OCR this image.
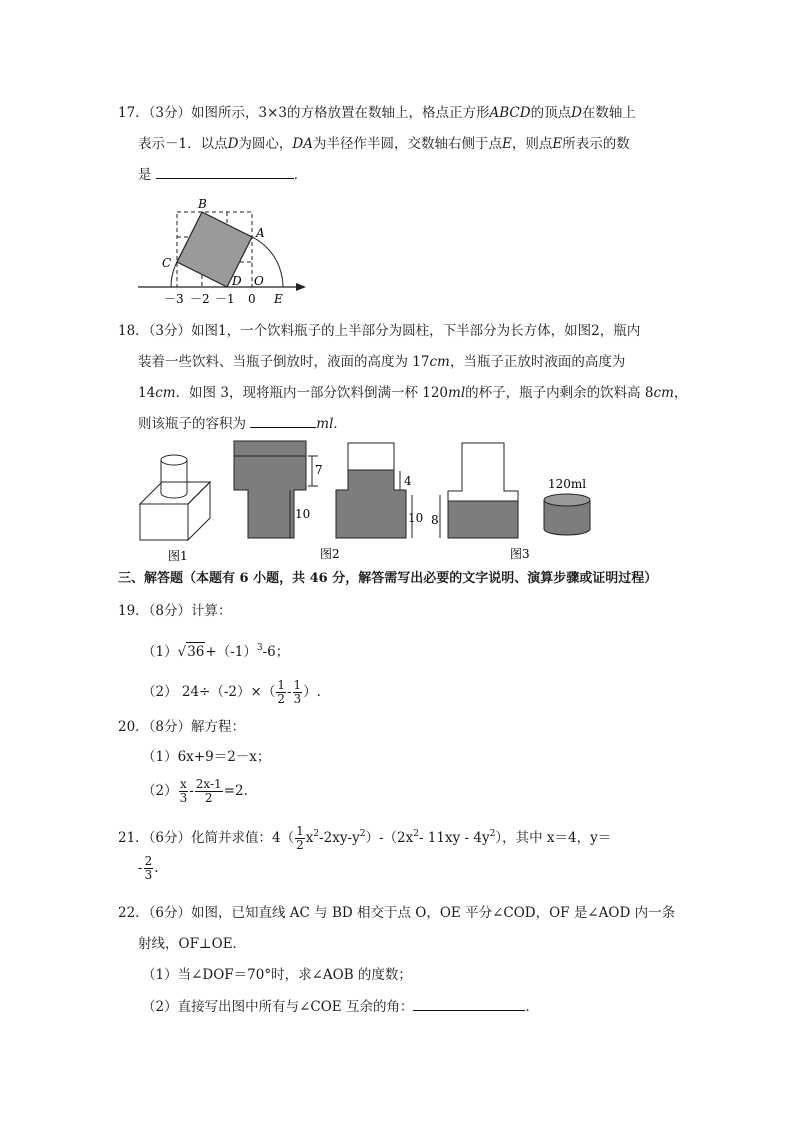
17．（3分）如图所示，3×3的方格放置在数轴上，格点正方形ABCD的顶点D在数轴上
表示－1．以点D为圆心，DA为半径作半圆，交数轴右侧于点E，则点E所表示的数
是	．
B
A
C
D O
E
－3 －2 －1 0
18．（3分）如图1，一个饮料瓶子的上半部分为圆柱，下半部分为长方体，如图2，瓶内
装着一些饮料、当瓶子倒放时，液面的高度为 17cm，当瓶子正放时液面的高度为
14cm．如图 3，现将瓶内一部分饮料倒满一杯 120ml的杯子，瓶子内剩余的饮料高 8cm，
则该瓶子的容积为	ml．
图1
7
10
4
10
图2
8
图3
120ml
三、解答题（本题有 6 小题，共 46 分，解答需写出必要的文字说明、演算步骤或证明过程）
19．（8分）计算：
$(1)√36+(-1)^3-6$；
（2） $24\div(-2)\times( \frac{1}{2} - \frac{1}{3}$ ）.
20．（8分）解方程：
（1）6x+9＝2－x；
$(2) \frac{x}{3} - \frac{2x-1}{2} =2$.
21．（6分）化简并求值：$4( \frac{1}{2} x^2-2xy-y^2)-(2x^2-$ $11xy - 4y^2$），其中 x＝4，y＝
- $\frac{2}{3}$ .
22．（6分）如图，已知直线 AC 与 BD 相交于点 O，OE 平分∠COD，OF 是∠AOD 内一条
射线，OF⊥OE．
（1）当∠DOF＝70°时，求∠AOB 的度数；
（2）直接写出图中所有与∠COE 互余的角：	．
